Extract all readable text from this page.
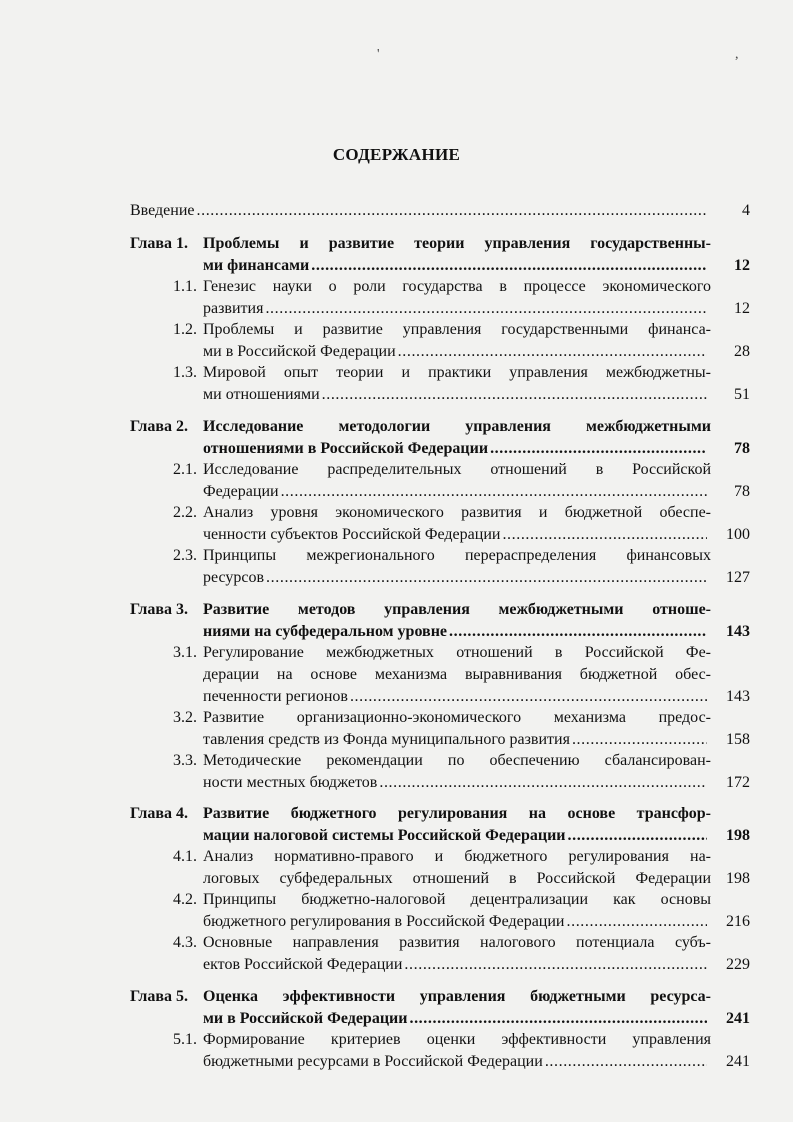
'	,
СОДЕРЖАНИЕ
Введение .....	4
Глава 1. Проблемы и развитие теории управления государственны-
ми финансами .....	12
1.1. Генезис науки о роли государства в процессе экономического
развития .....	12
1.2. Проблемы и развитие управления государственными финанса-
ми в Российской Федерации .....	28
1.3. Мировой опыт теории и практики управления межбюджетны-
ми отношениями .....	51
Глава 2. Исследование методологии управления межбюджетными
отношениями в Российской Федерации .....	78
2.1. Исследование распределительных отношений в Российской
Федерации .....	78
2.2. Анализ уровня экономического развития и бюджетной обеспе-
ченности субъектов Российской Федерации .....	100
2.3. Принципы межрегионального перераспределения финансовых
ресурсов .....	127
Глава 3. Развитие методов управления межбюджетными отноше-
ниями на субфедеральном уровне .....	143
3.1. Регулирование межбюджетных отношений в Российской Фе-
дерации на основе механизма выравнивания бюджетной обес-
печенности регионов .....	143
3.2. Развитие организационно-экономического механизма предос-
тавления средств из Фонда муниципального развития .....	158
3.3. Методические рекомендации по обеспечению сбалансирован-
ности местных бюджетов .....	172
Глава 4. Развитие бюджетного регулирования на основе трансфор-
мации налоговой системы Российской Федерации .....	198
4.1. Анализ нормативно-правого и бюджетного регулирования на-
логовых субфедеральных отношений в Российской Федерации 198
4.2. Принципы бюджетно-налоговой децентрализации как основы
бюджетного регулирования в Российской Федерации .....	216
4.3. Основные направления развития налогового потенциала субъ-
ектов Российской Федерации .....	229
Глава 5. Оценка эффективности управления бюджетными ресурса-
ми в Российской Федерации .....	241
5.1. Формирование критериев оценки эффективности управления
бюджетными ресурсами в Российской Федерации .....	241
